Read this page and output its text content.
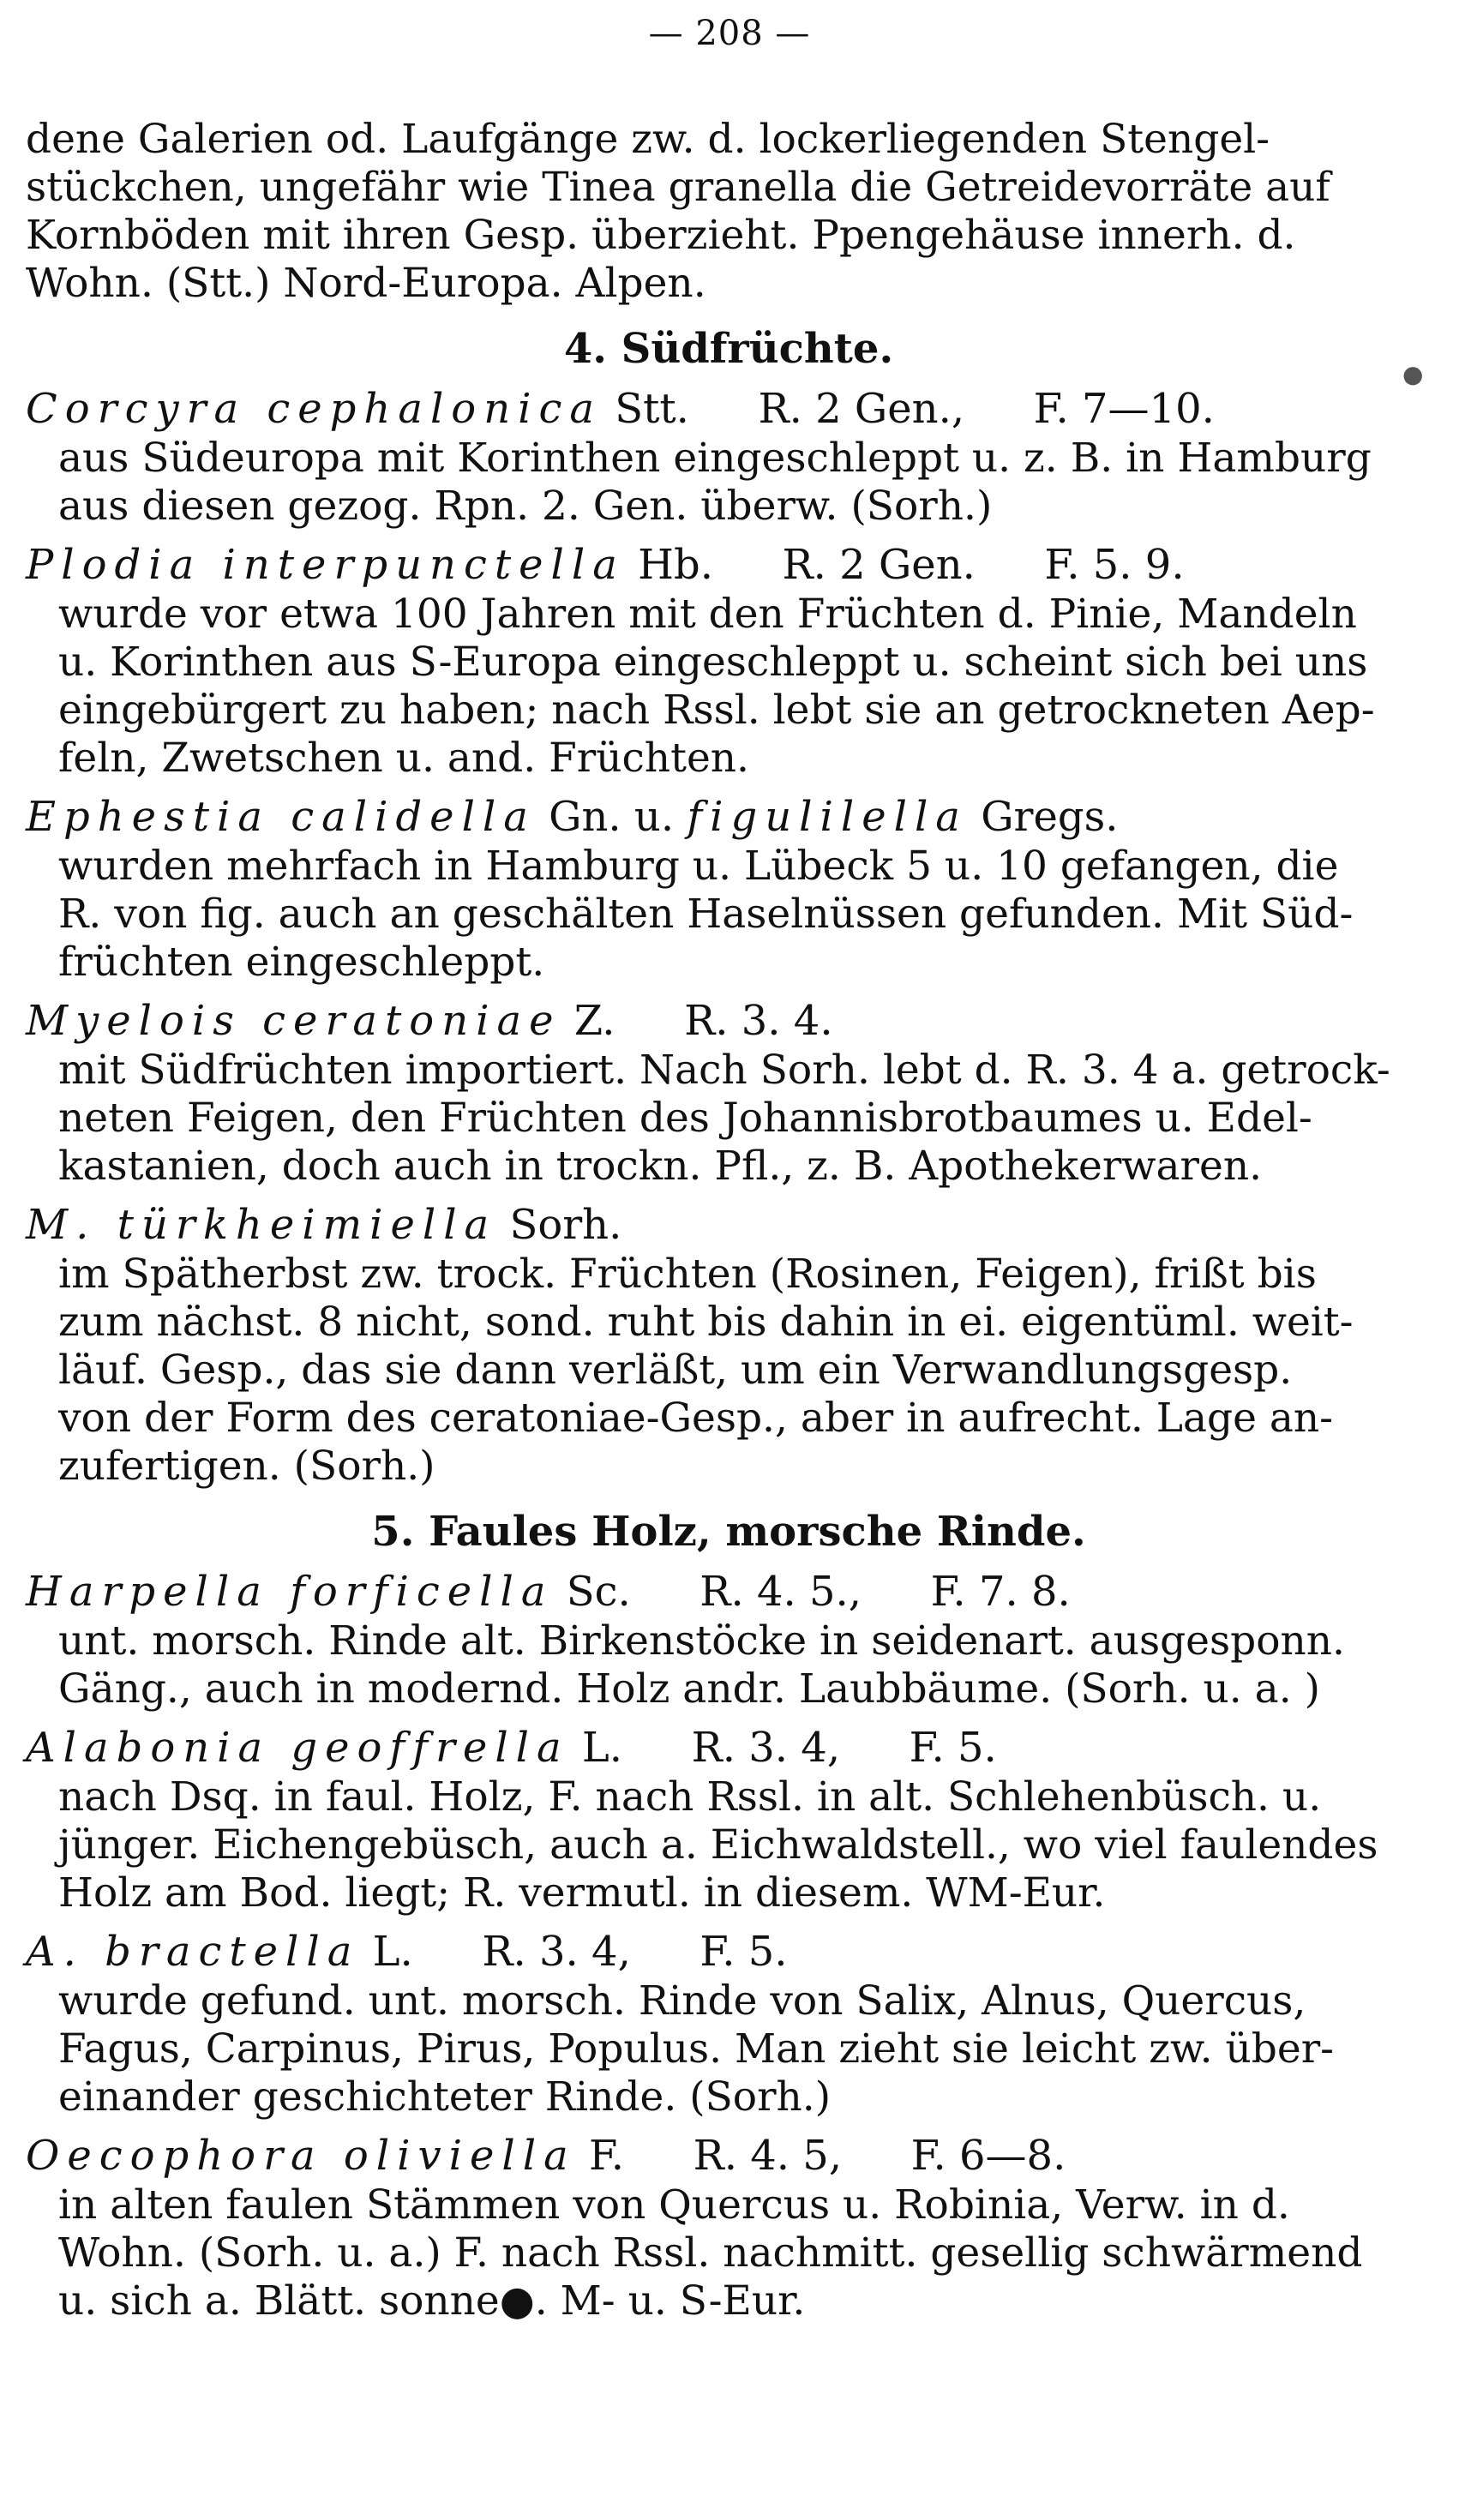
— 208 —
dene Galerien od. Laufgänge zw. d. lockerliegenden Stengel-
stückchen, ungefähr wie Tinea granella die Getreidevorräte auf
Kornböden mit ihren Gesp. überzieht. Ppengehäuse innerh. d.
Wohn. (Stt.) Nord-Europa. Alpen.
4. Südfrüchte.
Corcyra cephalonica Stt. R. 2 Gen., F. 7—10.
aus Südeuropa mit Korinthen eingeschleppt u. z. B. in Hamburg
aus diesen gezog. Rpn. 2. Gen. überw. (Sorh.)
Plodia interpunctella Hb. R. 2 Gen. F. 5. 9.
wurde vor etwa 100 Jahren mit den Früchten d. Pinie, Mandeln
u. Korinthen aus S-Europa eingeschleppt u. scheint sich bei uns
eingebürgert zu haben; nach Rssl. lebt sie an getrockneten Aep-
feln, Zwetschen u. and. Früchten.
Ephestia calidella Gn. u. figulilella Gregs.
wurden mehrfach in Hamburg u. Lübeck 5 u. 10 gefangen, die
R. von fig. auch an geschälten Haselnüssen gefunden. Mit Süd-
früchten eingeschleppt.
Myelois ceratoniae Z. R. 3. 4.
mit Südfrüchten importiert. Nach Sorh. lebt d. R. 3. 4 a. getrock-
neten Feigen, den Früchten des Johannisbrotbaumes u. Edel-
kastanien, doch auch in trockn. Pfl., z. B. Apothekerwaren.
M. türkheimiella Sorh.
im Spätherbst zw. trock. Früchten (Rosinen, Feigen), frißt bis
zum nächst. 8 nicht, sond. ruht bis dahin in ei. eigentüml. weit-
läuf. Gesp., das sie dann verläßt, um ein Verwandlungsgesp.
von der Form des ceratoniae-Gesp., aber in aufrecht. Lage an-
zufertigen. (Sorh.)
5. Faules Holz, morsche Rinde.
Harpella forficella Sc. R. 4. 5., F. 7. 8.
unt. morsch. Rinde alt. Birkenstöcke in seidenart. ausgesponn.
Gäng., auch in modernd. Holz andr. Laubbäume. (Sorh. u. a. )
Alabonia geoffrella L. R. 3. 4, F. 5.
nach Dsq. in faul. Holz, F. nach Rssl. in alt. Schlehenbüsch. u.
jünger. Eichengebüsch, auch a. Eichwaldstell., wo viel faulendes
Holz am Bod. liegt; R. vermutl. in diesem. WM-Eur.
A. bractella L. R. 3. 4, F. 5.
wurde gefund. unt. morsch. Rinde von Salix, Alnus, Quercus,
Fagus, Carpinus, Pirus, Populus. Man zieht sie leicht zw. über-
einander geschichteter Rinde. (Sorh.)
Oecophora oliviella F. R. 4. 5, F. 6—8.
in alten faulen Stämmen von Quercus u. Robinia, Verw. in d.
Wohn. (Sorh. u. a.) F. nach Rssl. nachmitt. gesellig schwärmend
u. sich a. Blätt. sonne●. M- u. S-Eur.
●
